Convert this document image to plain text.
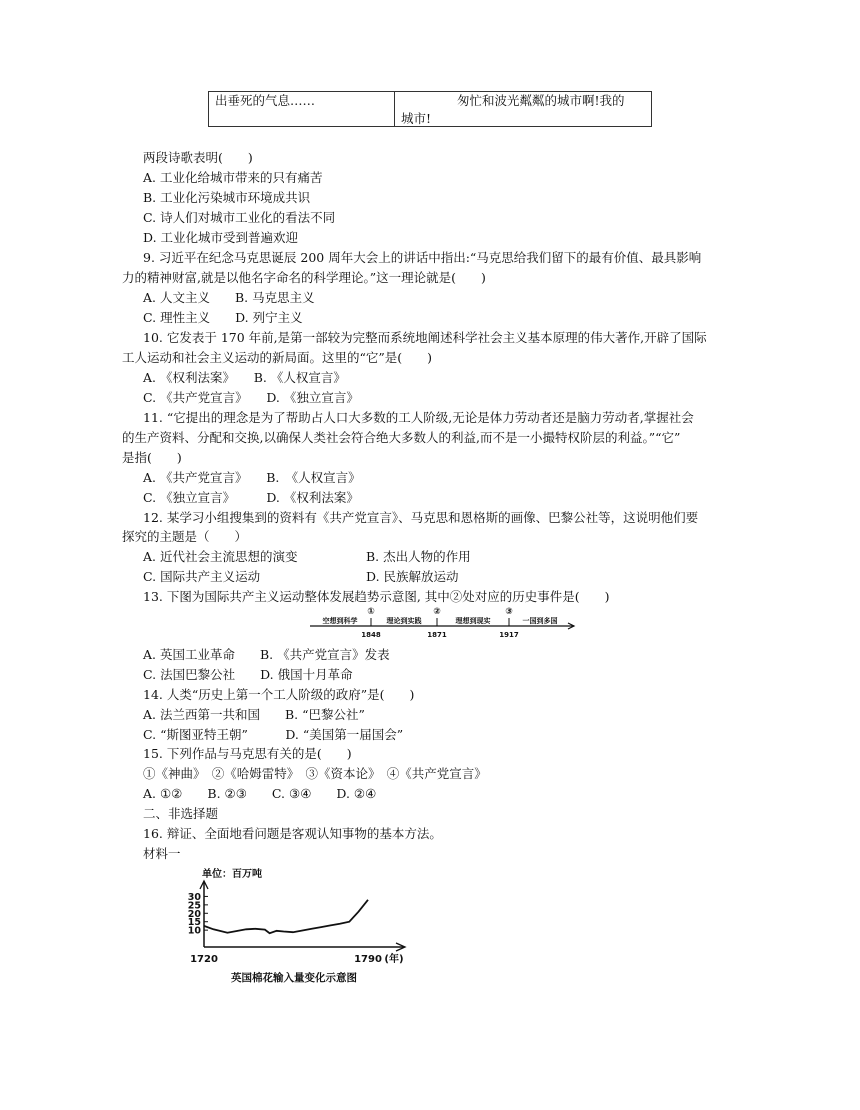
出垂死的气息……	匆忙和波光粼粼的城市啊!我的
城市!
两段诗歌表明(　　)
A. 工业化给城市带来的只有痛苦
B. 工业化污染城市环境成共识
C. 诗人们对城市工业化的看法不同
D. 工业化城市受到普遍欢迎
9. 习近平在纪念马克思诞辰 200 周年大会上的讲话中指出:“马克思给我们留下的最有价值、最具影响
力的精神财富,就是以他名字命名的科学理论。”这一理论就是(　　)
A. 人文主义　　B. 马克思主义
C. 理性主义　　D. 列宁主义
10. 它发表于 170 年前,是第一部较为完整而系统地阐述科学社会主义基本原理的伟大著作,开辟了国际
工人运动和社会主义运动的新局面。这里的“它”是(　　)
A. 《权利法案》　　B. 《人权宣言》
C. 《共产党宣言》　　D. 《独立宣言》
11. “它提出的理念是为了帮助占人口大多数的工人阶级,无论是体力劳动者还是脑力劳动者,掌握社会
的生产资料、分配和交换,以确保人类社会符合绝大多数人的利益,而不是一小撮特权阶层的利益。”“它”
是指(　　)
A. 《共产党宣言》　　B.　《人权宣言》
C. 《独立宣言》　　　D. 《权利法案》
12. 某学习小组搜集到的资料有《共产党宣言》、马克思和恩格斯的画像、巴黎公社等，这说明他们要
探究的主题是（　　）
A. 近代社会主流思想的演变	B. 杰出人物的作用
C. 国际共产主义运动	D. 民族解放运动
13. 下图为国际共产主义运动整体发展趋势示意图, 其中②处对应的历史事件是(　　)
空想到科学	理论到实践	理想到现实	一国到多国
①	②	③
1848	1871	1917
A. 英国工业革命　　B. 《共产党宣言》发表
C. 法国巴黎公社　　D. 俄国十月革命
14. 人类“历史上第一个工人阶级的政府”是(　　)
A. 法兰西第一共和国　　B. “巴黎公社”
C. “斯图亚特王朝”　　　D. “美国第一届国会”
15. 下列作品与马克思有关的是(　　)
①《神曲》　②《哈姆雷特》　③《资本论》　④《共产党宣言》
A. ①②　　B. ②③　　C. ③④　　D. ②④
二、非选择题
16. 辩证、全面地看问题是客观认知事物的基本方法。
材料一
单位：百万吨
10
15
20
25
30
1720	1790 (年)
英国棉花输入量变化示意图
